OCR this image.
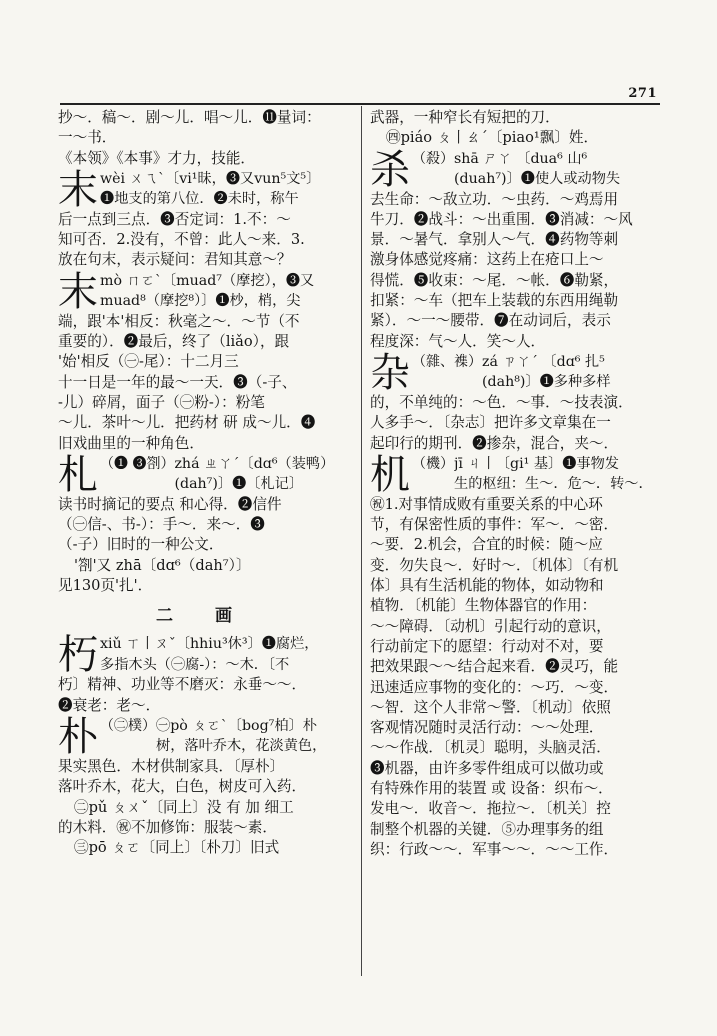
271
抄～．稿～．剧～儿．唱～儿．⓫量词：
一～书．
《本领》《本事》才力，技能．
末 wèi ㄨㄟˋ〔vi¹昧，❸又vun⁵文⁵〕
❶地支的第八位．❷未时，称午
后一点到三点．❸否定词：1.不：～
知可否．2.没有，不曾：此人～来．3.
放在句末，表示疑问：君知其意～？
末 mò ㄇㄛˋ〔muad⁷（摩挖），❸又
muad⁸（摩挖⁸）〕❶杪，梢，尖
端，跟'本'相反：秋毫之～．～节（不
重要的）．❷最后，终了（liǎo），跟
'始'相反（㊀-尾）：十二月三
十一日是一年的最～一天．❸（-子、
-儿）碎屑，面子（㊀粉-）：粉笔
～儿．茶叶～儿．把药材 研 成～儿．❹
旧戏曲里的一种角色．
札 （❶ ❸劄） zhá ㄓㄚˊ〔dɑ⁶（装鸭）
(dah⁷)〕❶〔札记〕
读书时摘记的要点 和心得．❷信件
（㊀信-、书-）：手～．来～．❸
（-子）旧时的一种公文．
'劄'又 zhā〔dɑ⁶（dah⁷）〕
见130页'扎'．
二 画
朽 xiǔ ㄒ丨ㄡˇ〔hhiu³休³〕❶腐烂，
多指木头（㊀腐-）：～木．〔不
朽〕精神、功业等不磨灭：永垂～～．
❷衰老：老～．
朴 （㊁樸） ㊀pò ㄆㄛˋ〔bog⁷柏〕朴
树，落叶乔木，花淡黄色，
果实黑色．木材供制家具．〔厚朴〕
落叶乔木，花大，白色，树皮可入药．
㊁pǔ ㄆㄨˇ〔同上〕没 有 加 细工
的木料．㊗不加修饰：服装～素．
㊂pō ㄆㄛ〔同上〕〔朴刀〕旧式
武器，一种窄长有短把的刀．
㊃piáo ㄆ丨ㄠˊ〔piao¹飘〕姓．
杀 （殺） shā ㄕㄚ 〔dua⁶ 山⁶
(duah⁷)〕❶使人或动物失
去生命：～敌立功．～虫药．～鸡焉用
牛刀．❷战斗：～出重围．❸消减：～风
景．～暑气．拿别人～气．❹药物等刺
激身体感觉疼痛：这药上在疮口上～
得慌．❺收束：～尾．～帐．❻勒紧，
扣紧：～车（把车上装载的东西用绳勒
紧）．～一～腰带．❼在动词后，表示
程度深：气～人．笑～人．
杂 （雜、襍） zá ㄗㄚˊ 〔dɑ⁶ 扎⁵
(dah⁸)〕❶多种多样
的，不单纯的：～色．～事．～技表演．
人多手～．〔杂志〕把许多文章集在一
起印行的期刊．❷掺杂，混合，夹～．
机 （機） jī ㄐ丨〔gi¹ 基〕❶事物发
生的枢纽：生～．危～．转～．
㊗1.对事情成败有重要关系的中心环
节，有保密性质的事件：军～．～密．
～要．2.机会，合宜的时候：随～应
变．勿失良～．好时～．〔机体〕〔有机
体〕具有生活机能的物体，如动物和
植物．〔机能〕生物体器官的作用：
～～障碍．〔动机〕引起行动的意识，
行动前定下的愿望：行动对不对，要
把效果跟～～结合起来看．❷灵巧，能
迅速适应事物的变化的：～巧．～变．
～智．这个人非常～警．〔机动〕依照
客观情况随时灵活行动：～～处理．
～～作战．〔机灵〕聪明，头脑灵活．
❸机器，由许多零件组成可以做功或
有特殊作用的装置 或 设备：织布～．
发电～．收音～．拖拉～．〔机关〕控
制整个机器的关键．⑤办理事务的组
织：行政～～．军事～～．～～工作．
